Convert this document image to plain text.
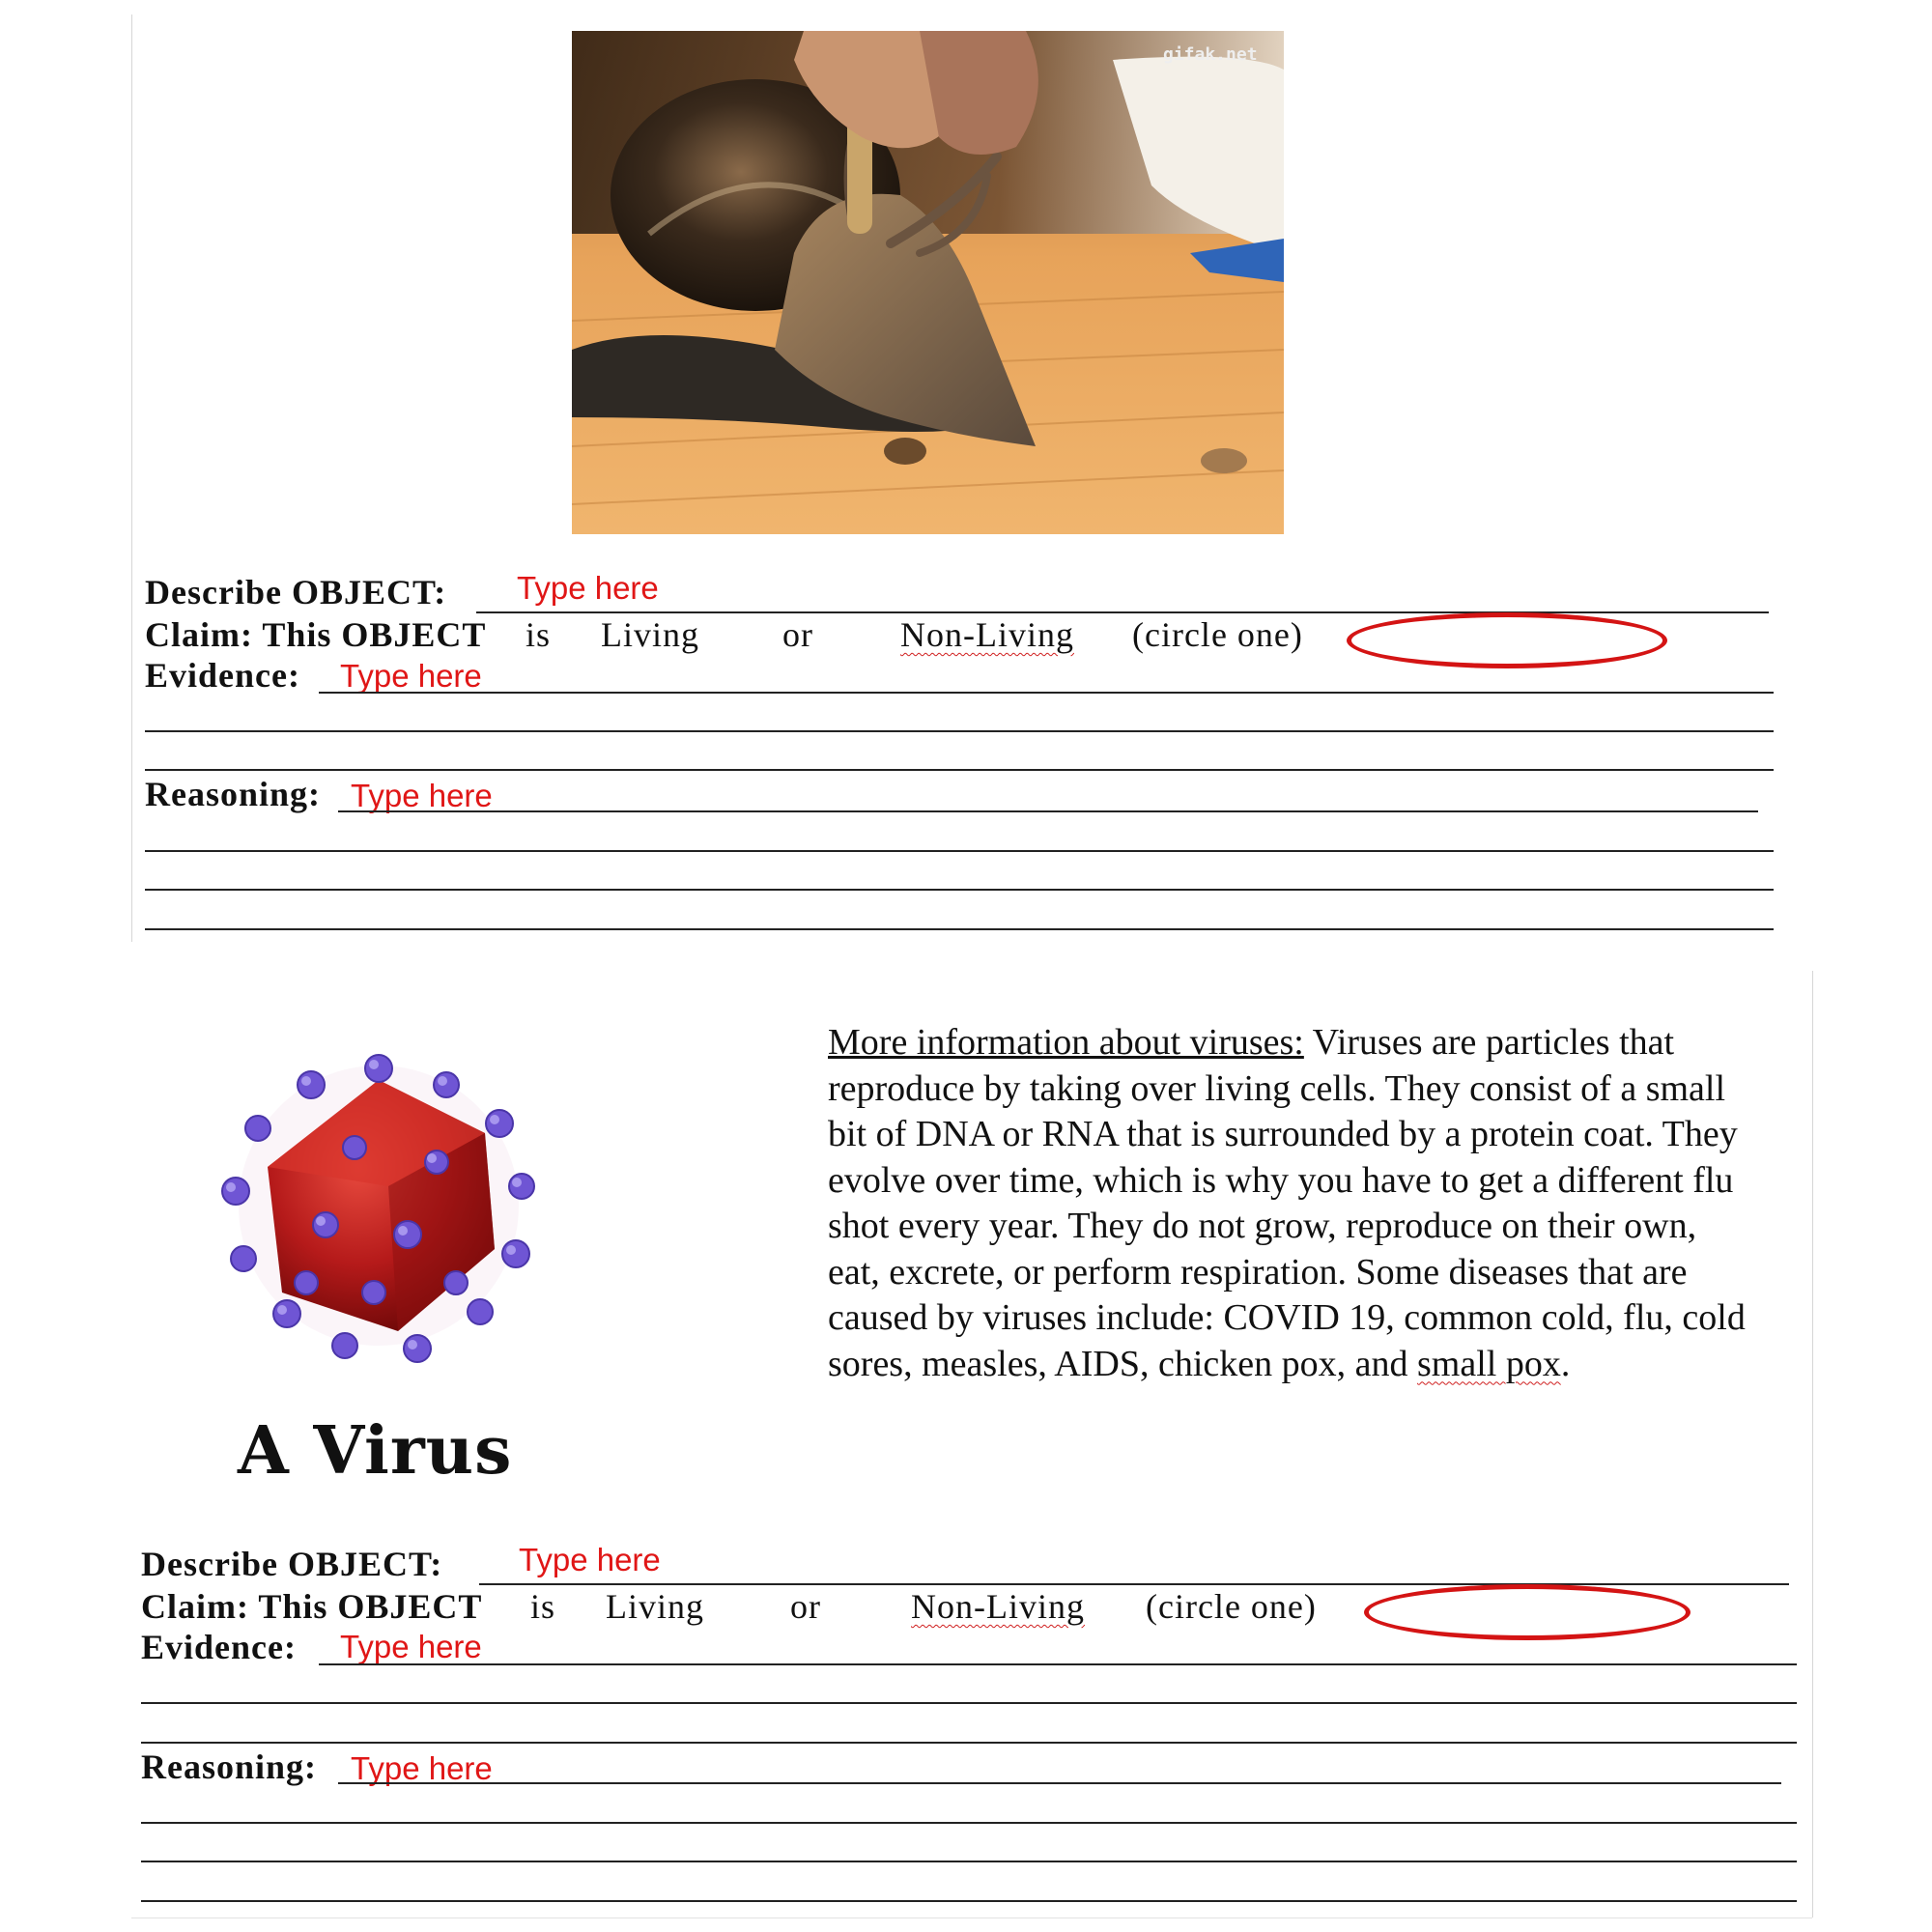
gifak.net
Describe OBJECT: Type here
Claim: This OBJECT is Living or	Non-Living (circle one)
Evidence: Type here
Reasoning: Type here
A Virus
More information about viruses: Viruses are particles that reproduce by taking over living cells. They consist of a small bit of DNA or RNA that is surrounded by a protein coat. They evolve over time, which is why you have to get a different flu shot every year. They do not grow, reproduce on their own, eat, excrete, or perform respiration. Some diseases that are caused by viruses include: COVID 19, common cold, flu, cold sores, measles, AIDS, chicken pox, and small pox.
Describe OBJECT: Type here
Claim: This OBJECT is Living or	Non-Living (circle one)
Evidence: Type here
Reasoning: Type here
